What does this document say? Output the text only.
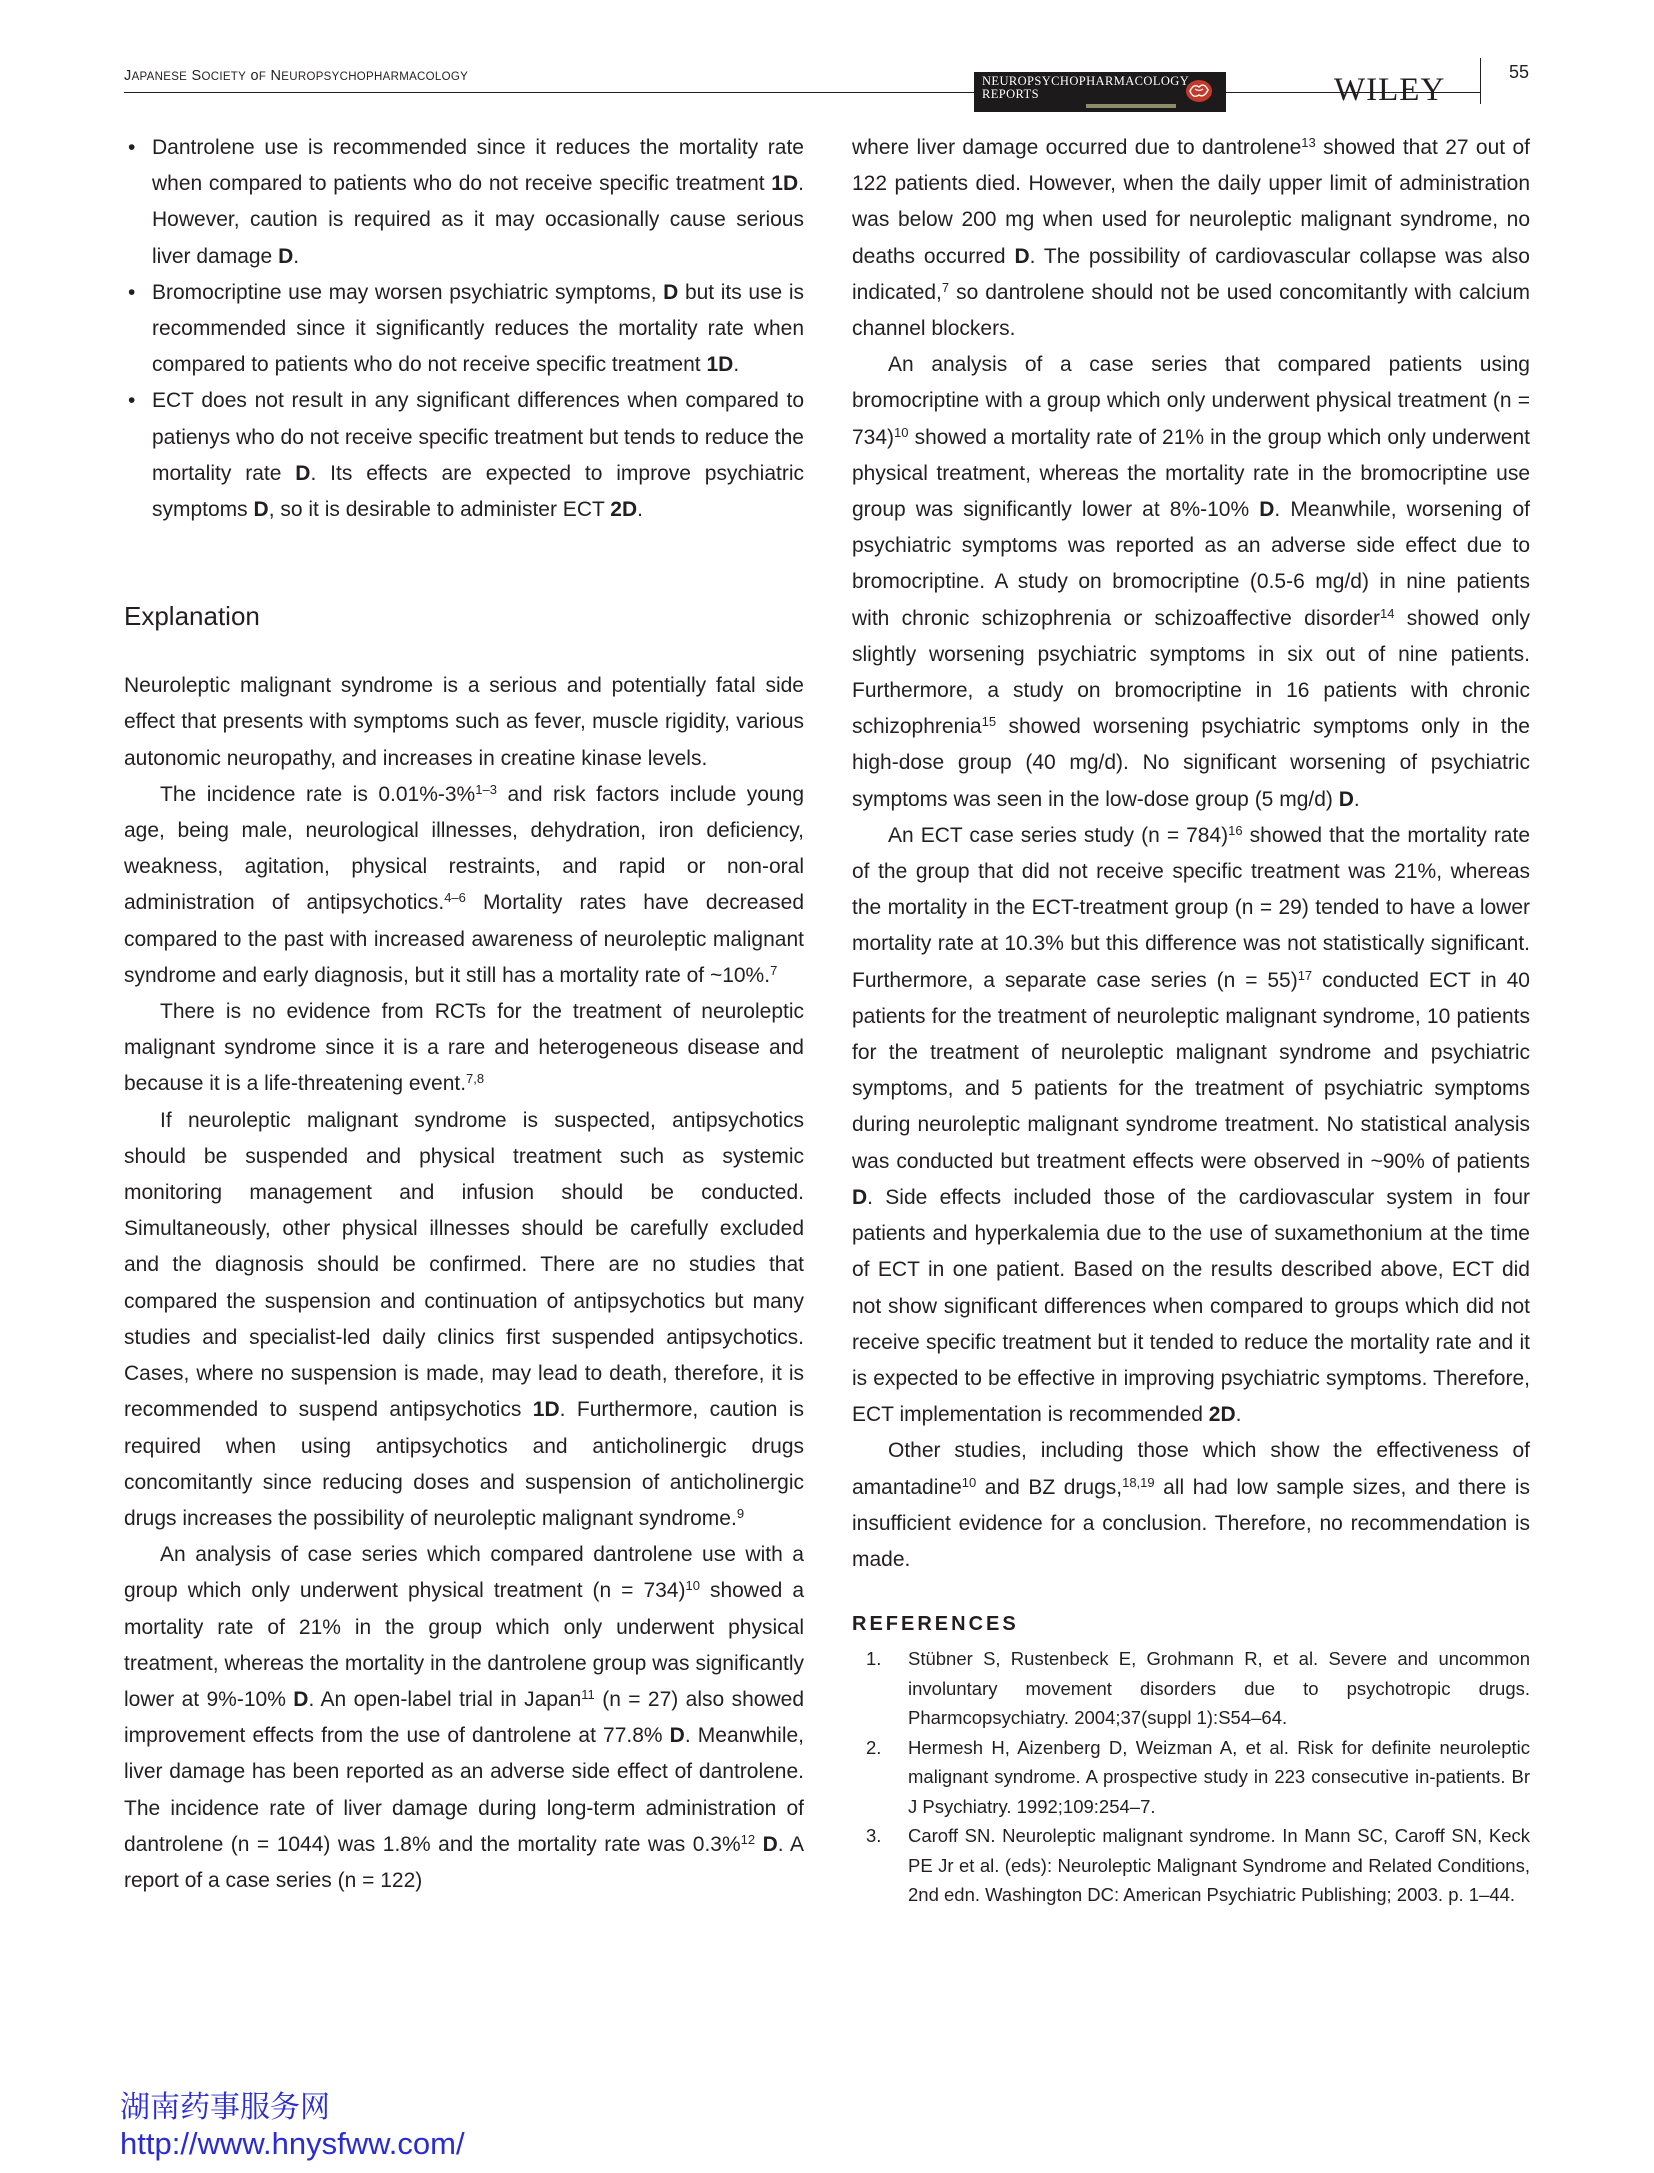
JAPANESE SOCIETY oF NEUROPSYCHOPHARMACOLOGY	NEUROPSYCHOPHARMACOLOGY
REPORTS	WILEY	55
• Dantrolene use is recommended since it reduces the mortality rate when compared to patients who do not receive specific treatment 1D. However, caution is required as it may occasionally cause serious liver damage D.
• Bromocriptine use may worsen psychiatric symptoms, D but its use is recommended since it significantly reduces the mortality rate when compared to patients who do not receive specific treatment 1D.
• ECT does not result in any significant differences when compared to patienys who do not receive specific treatment but tends to reduce the mortality rate D. Its effects are expected to improve psychiatric symptoms D, so it is desirable to administer ECT 2D.
Explanation

Neuroleptic malignant syndrome is a serious and potentially fatal side effect that presents with symptoms such as fever, muscle rigidity, various autonomic neuropathy, and increases in creatine kinase levels.

The incidence rate is 0.01%-3%$^{1-3}$ and risk factors include young age, being male, neurological illnesses, dehydration, iron deficiency, weakness, agitation, physical restraints, and rapid or non-oral administration of antipsychotics.$^{4-6}$ Mortality rates have decreased compared to the past with increased awareness of neuroleptic malignant syndrome and early diagnosis, but it still has a mortality rate of ~10%.$^7$

There is no evidence from RCTs for the treatment of neuroleptic malignant syndrome since it is a rare and heterogeneous disease and because it is a life-threatening event.$^{7,8}$

If neuroleptic malignant syndrome is suspected, antipsychotics should be suspended and physical treatment such as systemic monitoring management and infusion should be conducted. Simultaneously, other physical illnesses should be carefully excluded and the diagnosis should be confirmed. There are no studies that compared the suspension and continuation of antipsychotics but many studies and specialist-led daily clinics first suspended antipsychotics. Cases, where no suspension is made, may lead to death, therefore, it is recommended to suspend antipsychotics 1D. Furthermore, caution is required when using antipsychotics and anticholinergic drugs concomitantly since reducing doses and suspension of anticholinergic drugs increases the possibility of neuroleptic malignant syndrome.$^9$

An analysis of case series which compared dantrolene use with a group which only underwent physical treatment (n = 734)$^{10}$ showed a mortality rate of 21% in the group which only underwent physical treatment, whereas the mortality in the dantrolene group was significantly lower at 9%-10% D. An open-label trial in Japan$^{11}$ (n = 27) also showed improvement effects from the use of dantrolene at 77.8% D. Meanwhile, liver damage has been reported as an adverse side effect of dantrolene. The incidence rate of liver damage during long-term administration of dantrolene (n = 1044) was 1.8% and the mortality rate was 0.3%$^{12}$ D. A report of a case series (n = 122)

where liver damage occurred due to dantrolene$^{13}$ showed that 27 out of 122 patients died. However, when the daily upper limit of administration was below 200 mg when used for neuroleptic malignant syndrome, no deaths occurred D. The possibility of cardiovascular collapse was also indicated,$^7$ so dantrolene should not be used concomitantly with calcium channel blockers.

An analysis of a case series that compared patients using bromocriptine with a group which only underwent physical treatment (n = 734)$^{10}$ showed a mortality rate of 21% in the group which only underwent physical treatment, whereas the mortality rate in the bromocriptine use group was significantly lower at 8%-10% D. Meanwhile, worsening of psychiatric symptoms was reported as an adverse side effect due to bromocriptine. A study on bromocriptine (0.5-6 mg/d) in nine patients with chronic schizophrenia or schizoaffective disorder$^{14}$ showed only slightly worsening psychiatric symptoms in six out of nine patients. Furthermore, a study on bromocriptine in 16 patients with chronic schizophrenia$^{15}$ showed worsening psychiatric symptoms only in the high-dose group (40 mg/d). No significant worsening of psychiatric symptoms was seen in the low-dose group (5 mg/d) D.

An ECT case series study (n = 784)$^{16}$ showed that the mortality rate of the group that did not receive specific treatment was 21%, whereas the mortality in the ECT-treatment group (n = 29) tended to have a lower mortality rate at 10.3% but this difference was not statistically significant. Furthermore, a separate case series (n = 55)$^{17}$ conducted ECT in 40 patients for the treatment of neuroleptic malignant syndrome, 10 patients for the treatment of neuroleptic malignant syndrome and psychiatric symptoms, and 5 patients for the treatment of psychiatric symptoms during neuroleptic malignant syndrome treatment. No statistical analysis was conducted but treatment effects were observed in ~90% of patients D. Side effects included those of the cardiovascular system in four patients and hyperkalemia due to the use of suxamethonium at the time of ECT in one patient. Based on the results described above, ECT did not show significant differences when compared to groups which did not receive specific treatment but it tended to reduce the mortality rate and it is expected to be effective in improving psychiatric symptoms. Therefore, ECT implementation is recommended 2D.

Other studies, including those which show the effectiveness of amantadine$^{10}$ and BZ drugs,$^{18,19}$ all had low sample sizes, and there is insufficient evidence for a conclusion. Therefore, no recommendation is made.

REFERENCES
1. Stübner S, Rustenbeck E, Grohmann R, et al. Severe and uncommon involuntary movement disorders due to psychotropic drugs. Pharmcopsychiatry. 2004;37(suppl 1):S54–64.
2. Hermesh H, Aizenberg D, Weizman A, et al. Risk for definite neuroleptic malignant syndrome. A prospective study in 223 consecutive in-patients. Br J Psychiatry. 1992;109:254–7.
3. Caroff SN. Neuroleptic malignant syndrome. In Mann SC, Caroff SN, Keck PE Jr et al. (eds): Neuroleptic Malignant Syndrome and Related Conditions, 2nd edn. Washington DC: American Psychiatric Publishing; 2003. p. 1–44.
湖南药事服务网
http://www.hnysfww.com/
